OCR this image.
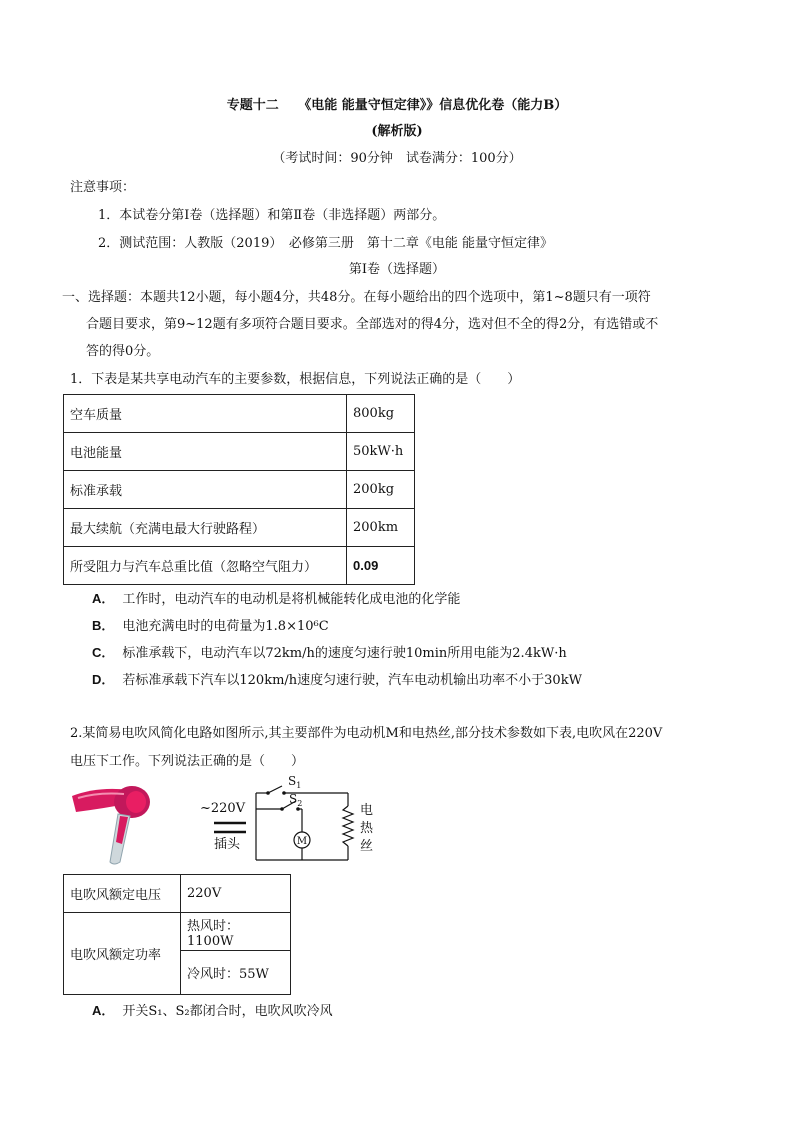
专题十二　　《电能 能量守恒定律》》信息优化卷（能力B）
(解析版)
（考试时间：90分钟　试卷满分：100分）
注意事项：
1．本试卷分第Ⅰ卷（选择题）和第Ⅱ卷（非选择题）两部分。
2．测试范围：人教版（2019）　必修第三册　第十二章《电能 能量守恒定律》
第Ⅰ卷（选择题）
一、选择题：本题共12小题，每小题4分，共48分。在每小题给出的四个选项中，第1~8题只有一项符
合题目要求，第9~12题有多项符合题目要求。全部选对的得4分，选对但不全的得2分，有选错或不
答的得0分。
1．下表是某共享电动汽车的主要参数，根据信息，下列说法正确的是（　　）
空车质量	800kg
电池能量	50kW·h
标准承载	200kg
最大续航（充满电最大行驶路程）	200km
所受阻力与汽车总重比值（忽略空气阻力）	0.09
A． 工作时，电动汽车的电动机是将机械能转化成电池的化学能
B． 电池充满电时的电荷量为1.8×10⁶C
C． 标准承载下，电动汽车以72km/h的速度匀速行驶10min所用电能为2.4kW·h
D． 若标准承载下汽车以120km/h速度匀速行驶，汽车电动机输出功率不小于30kW
2.某简易电吹风简化电路如图所示,其主要部件为电动机M和电热丝,部分技术参数如下表,电吹风在220V
电压下工作。下列说法正确的是（　　）
~220V
插头
$S_1$
$S_2$
M
电
热
丝
电吹风额定电压	220V
电吹风额定功率	热风时：1100W
	冷风时：55W
A． 开关S₁、S₂都闭合时，电吹风吹冷风
